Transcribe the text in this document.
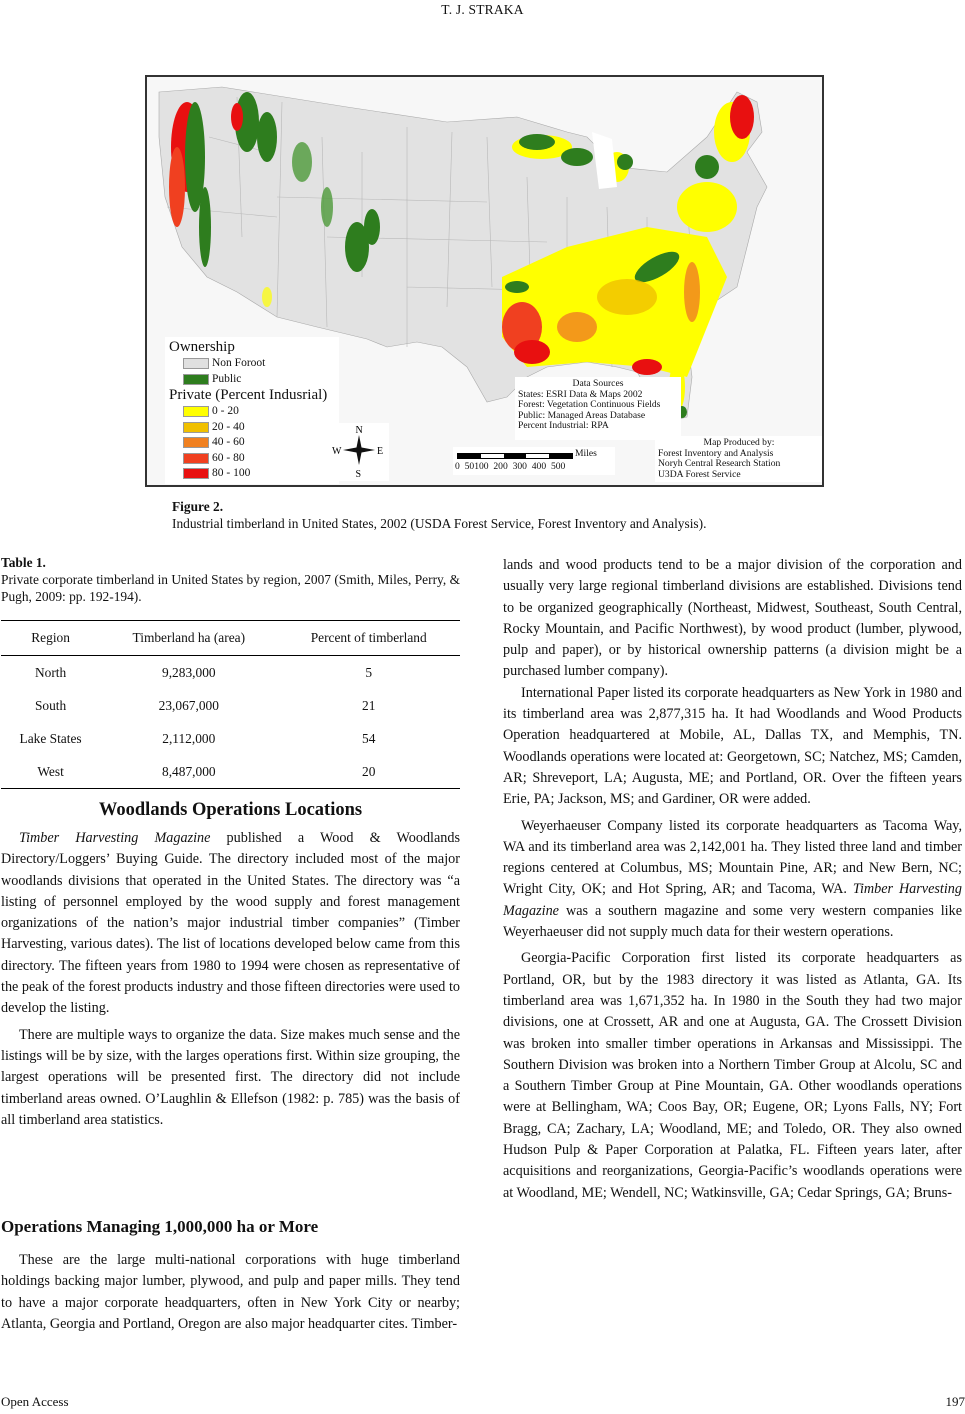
T. J. STRAKA
Ownership
Non Foroot
Public
Private (Percent Indusrial)
0 - 20
20 - 40
40 - 60
60 - 80
80 - 100
N
S
E
W	Miles
0  50100  200  300  400  500
Data Sources
States: ESRI Data & Maps 2002
Forest: Vegetation Continuous Fields
Public: Managed Areas Database
Percent Industrial: RPA
Map Produced by:
Forest Inventory and Analysis
Noryh Central Research Station
U3DA Forest Service
Figure 2.
Industrial timberland in United States, 2002 (USDA Forest Service, Forest Inventory and Analysis).
Table 1.
Private corporate timberland in United States by region, 2007 (Smith, Miles, Perry, & Pugh, 2009: pp. 192-194).
Region	Timberland ha (area)	Percent of timberland
North	9,283,000	5
South	23,067,000	21
Lake States	2,112,000	54
West	8,487,000	20
Woodlands Operations Locations

Timber Harvesting Magazine published a Wood & Woodlands Directory/Loggers’ Buying Guide. The directory included most of the major woodlands divisions that operated in the United States. The directory was “a listing of personnel employed by the wood supply and forest management organizations of the nation’s major industrial timber companies” (Timber Harvesting, various dates). The list of locations developed below came from this directory. The fifteen years from 1980 to 1994 were chosen as representative of the peak of the forest products industry and those fifteen directories were used to develop the listing.

There are multiple ways to organize the data. Size makes much sense and the listings will be by size, with the larges operations first. Within size grouping, the largest operations will be presented first. The directory did not include timberland areas owned. O’Laughlin & Ellefson (1982: p. 785) was the basis of all timberland area statistics.

Operations Managing 1,000,000 ha or More

These are the large multi-national corporations with huge timberland holdings backing major lumber, plywood, and pulp and paper mills. They tend to have a major corporate headquarters, often in New York City or nearby; Atlanta, Georgia and Portland, Oregon are also major headquarter cites. Timber-

lands and wood products tend to be a major division of the corporation and usually very large regional timberland divisions are established. Divisions tend to be organized geographically (Northeast, Midwest, Southeast, South Central, Rocky Mountain, and Pacific Northwest), by wood product (lumber, plywood, pulp and paper), or by historical ownership patterns (a division might be a purchased lumber company).

International Paper listed its corporate headquarters as New York in 1980 and its timberland area was 2,877,315 ha. It had Woodlands and Wood Products Operation headquartered at Mobile, AL, Dallas TX, and Memphis, TN. Woodlands operations were located at: Georgetown, SC; Natchez, MS; Camden, AR; Shreveport, LA; Augusta, ME; and Portland, OR. Over the fifteen years Erie, PA; Jackson, MS; and Gardiner, OR were added.

Weyerhaeuser Company listed its corporate headquarters as Tacoma Way, WA and its timberland area was 2,142,001 ha. They listed three land and timber regions centered at Columbus, MS; Mountain Pine, AR; and New Bern, NC; Wright City, OK; and Hot Spring, AR; and Tacoma, WA. Timber Harvesting Magazine was a southern magazine and some very western companies like Weyerhaeuser did not supply much data for their western operations.

Georgia-Pacific Corporation first listed its corporate headquarters as Portland, OR, but by the 1983 directory it was listed as Atlanta, GA. Its timberland area was 1,671,352 ha. In 1980 in the South they had two major divisions, one at Crossett, AR and one at Augusta, GA. The Crossett Division was broken into smaller timber operations in Arkansas and Mississippi. The Southern Division was broken into a Northern Timber Group at Alcolu, SC and a Southern Timber Group at Pine Mountain, GA. Other woodlands operations were at Bellingham, WA; Coos Bay, OR; Eugene, OR; Lyons Falls, NY; Fort Bragg, CA; Zachary, LA; Woodland, ME; and Toledo, OR. They also owned Hudson Pulp & Paper Corporation at Palatka, FL. Fifteen years later, after acquisitions and reorganizations, Georgia-Pacific’s woodlands operations were at Woodland, ME; Wendell, NC; Watkinsville, GA; Cedar Springs, GA; Bruns-

Open Access	197
